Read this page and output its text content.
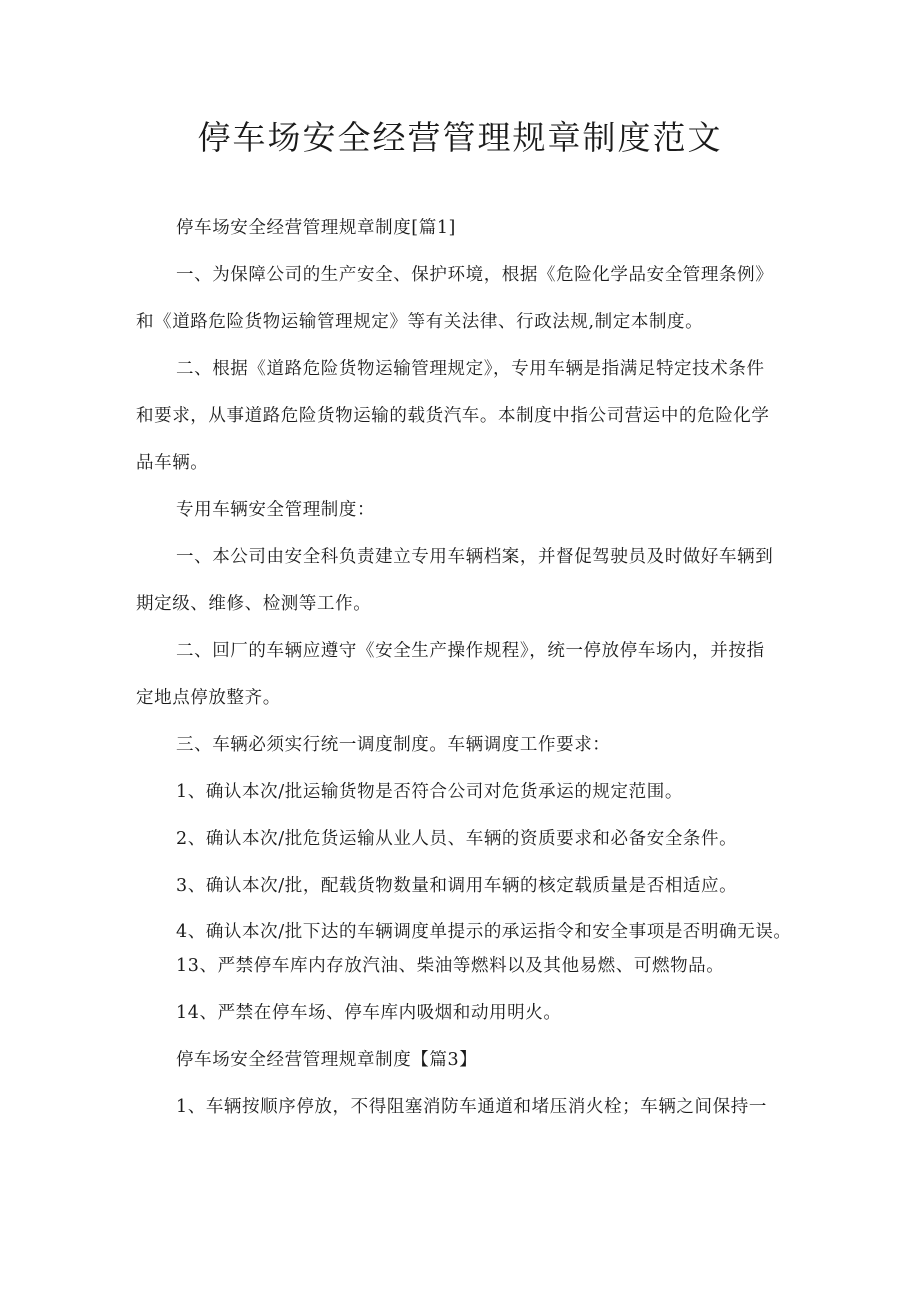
停车场安全经营管理规章制度范文

停车场安全经营管理规章制度[篇1]

一、为保障公司的生产安全、保护环境，根据《危险化学品安全管理条例》

和《道路危险货物运输管理规定》等有关法律、行政法规,制定本制度。

二、根据《道路危险货物运输管理规定》，专用车辆是指满足特定技术条件

和要求，从事道路危险货物运输的载货汽车。本制度中指公司营运中的危险化学

品车辆。

专用车辆安全管理制度：

一、本公司由安全科负责建立专用车辆档案，并督促驾驶员及时做好车辆到

期定级、维修、检测等工作。

二、回厂的车辆应遵守《安全生产操作规程》，统一停放停车场内，并按指

定地点停放整齐。

三、车辆必须实行统一调度制度。车辆调度工作要求：

1、确认本次/批运输货物是否符合公司对危货承运的规定范围。

2、确认本次/批危货运输从业人员、车辆的资质要求和必备安全条件。

3、确认本次/批，配载货物数量和调用车辆的核定载质量是否相适应。

4、确认本次/批下达的车辆调度单提示的承运指令和安全事项是否明确无误。

13、严禁停车库内存放汽油、柴油等燃料以及其他易燃、可燃物品。

14、严禁在停车场、停车库内吸烟和动用明火。

停车场安全经营管理规章制度【篇3】

1、车辆按顺序停放，不得阻塞消防车通道和堵压消火栓；车辆之间保持一
